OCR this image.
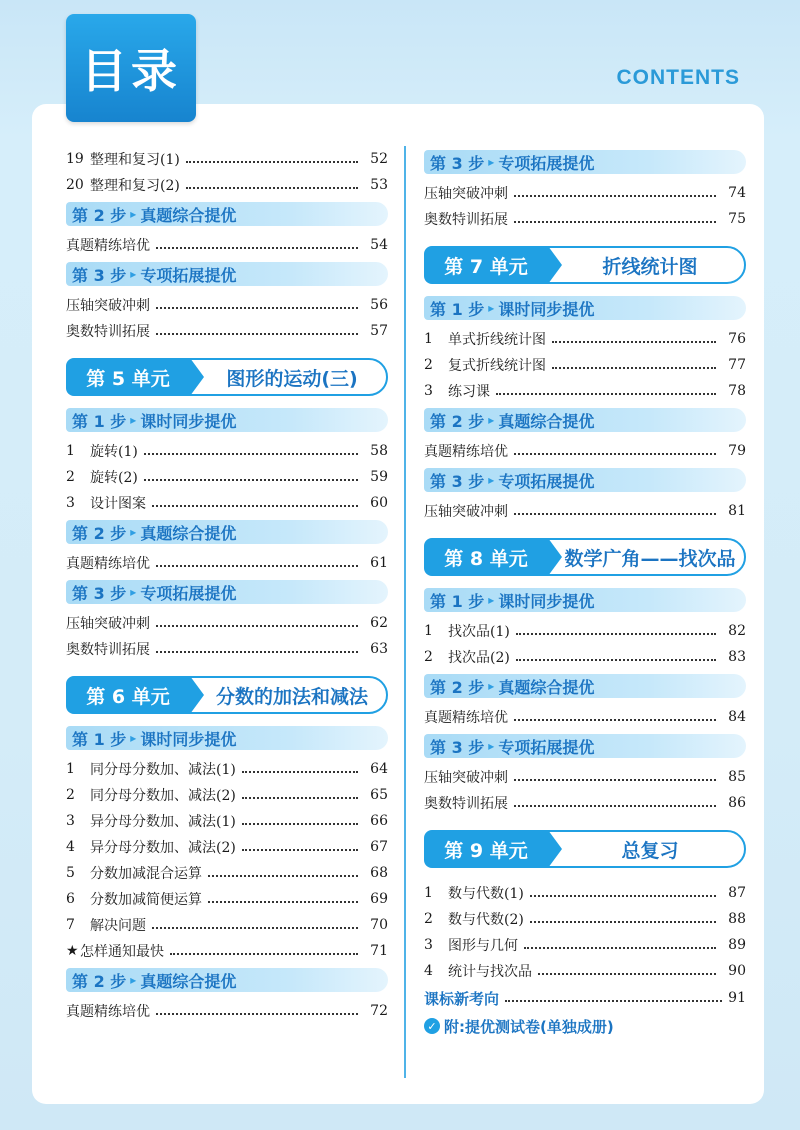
目录	CONTENTS
19 整理和复习(1)	52
20 整理和复习(2)	53
第 2 步 ▸ 真题综合提优
真题精练培优	54
第 3 步 ▸ 专项拓展提优
压轴突破冲刺	56
奥数特训拓展	57
第 5 单元	图形的运动(三)
第 1 步 ▸ 课时同步提优
1	旋转(1)	58
2	旋转(2)	59
3	设计图案	60
第 2 步 ▸ 真题综合提优
真题精练培优	61
第 3 步 ▸ 专项拓展提优
压轴突破冲刺	62
奥数特训拓展	63
第 6 单元	分数的加法和减法
第 1 步 ▸ 课时同步提优
1	同分母分数加、减法(1)	64
2	同分母分数加、减法(2)	65
3	异分母分数加、减法(1)	66
4	异分母分数加、减法(2)	67
5	分数加减混合运算	68
6	分数加减简便运算	69
7	解决问题	70
★ 怎样通知最快	71
第 2 步 ▸ 真题综合提优
真题精练培优	72
第 3 步 ▸ 专项拓展提优
压轴突破冲刺	74
奥数特训拓展	75
第 7 单元	折线统计图
第 1 步 ▸ 课时同步提优
1	单式折线统计图	76
2	复式折线统计图	77
3	练习课	78
第 2 步 ▸ 真题综合提优
真题精练培优	79
第 3 步 ▸ 专项拓展提优
压轴突破冲刺	81
第 8 单元	数学广角——找次品
第 1 步 ▸ 课时同步提优
1	找次品(1)	82
2	找次品(2)	83
第 2 步 ▸ 真题综合提优
真题精练培优	84
第 3 步 ▸ 专项拓展提优
压轴突破冲刺	85
奥数特训拓展	86
第 9 单元	总复习
1	数与代数(1)	87
2	数与代数(2)	88
3	图形与几何	89
4	统计与找次品	90
课标新考向	91
✓ 附:提优测试卷(单独成册)
